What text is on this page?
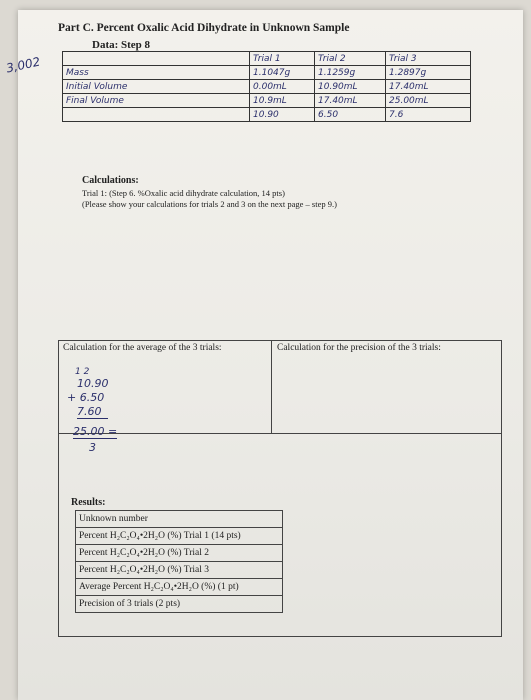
Part C. Percent Oxalic Acid Dihydrate in Unknown Sample
Data: Step 8
3,002
		Trial 1	Trial 2	Trial 3
Mass	1.1047g	1.1259g	1.2897g
Initial Volume	0.00mL	10.90mL	17.40mL
Final Volume	10.9mL	17.40mL	25.00mL
	10.90	6.50	7.6
Calculations:
Trial 1: (Step 6. %Oxalic acid dihydrate calculation, 14 pts)
(Please show your calculations for trials 2 and 3 on the next page – step 9.)
Calculation for the average of the 3 trials:	Calculation for the precision of the 3 trials:
1 2
10.90
+ 6.50
7.60
25.00 =
3
Results:
Unknown number
Percent H₂C₂O₄•2H₂O (%) Trial 1 (14 pts)
Percent H₂C₂O₄•2H₂O (%) Trial 2
Percent H₂C₂O₄•2H₂O (%) Trial 3
Average Percent H₂C₂O₄•2H₂O (%) (1 pt)
Precision of 3 trials (2 pts)
